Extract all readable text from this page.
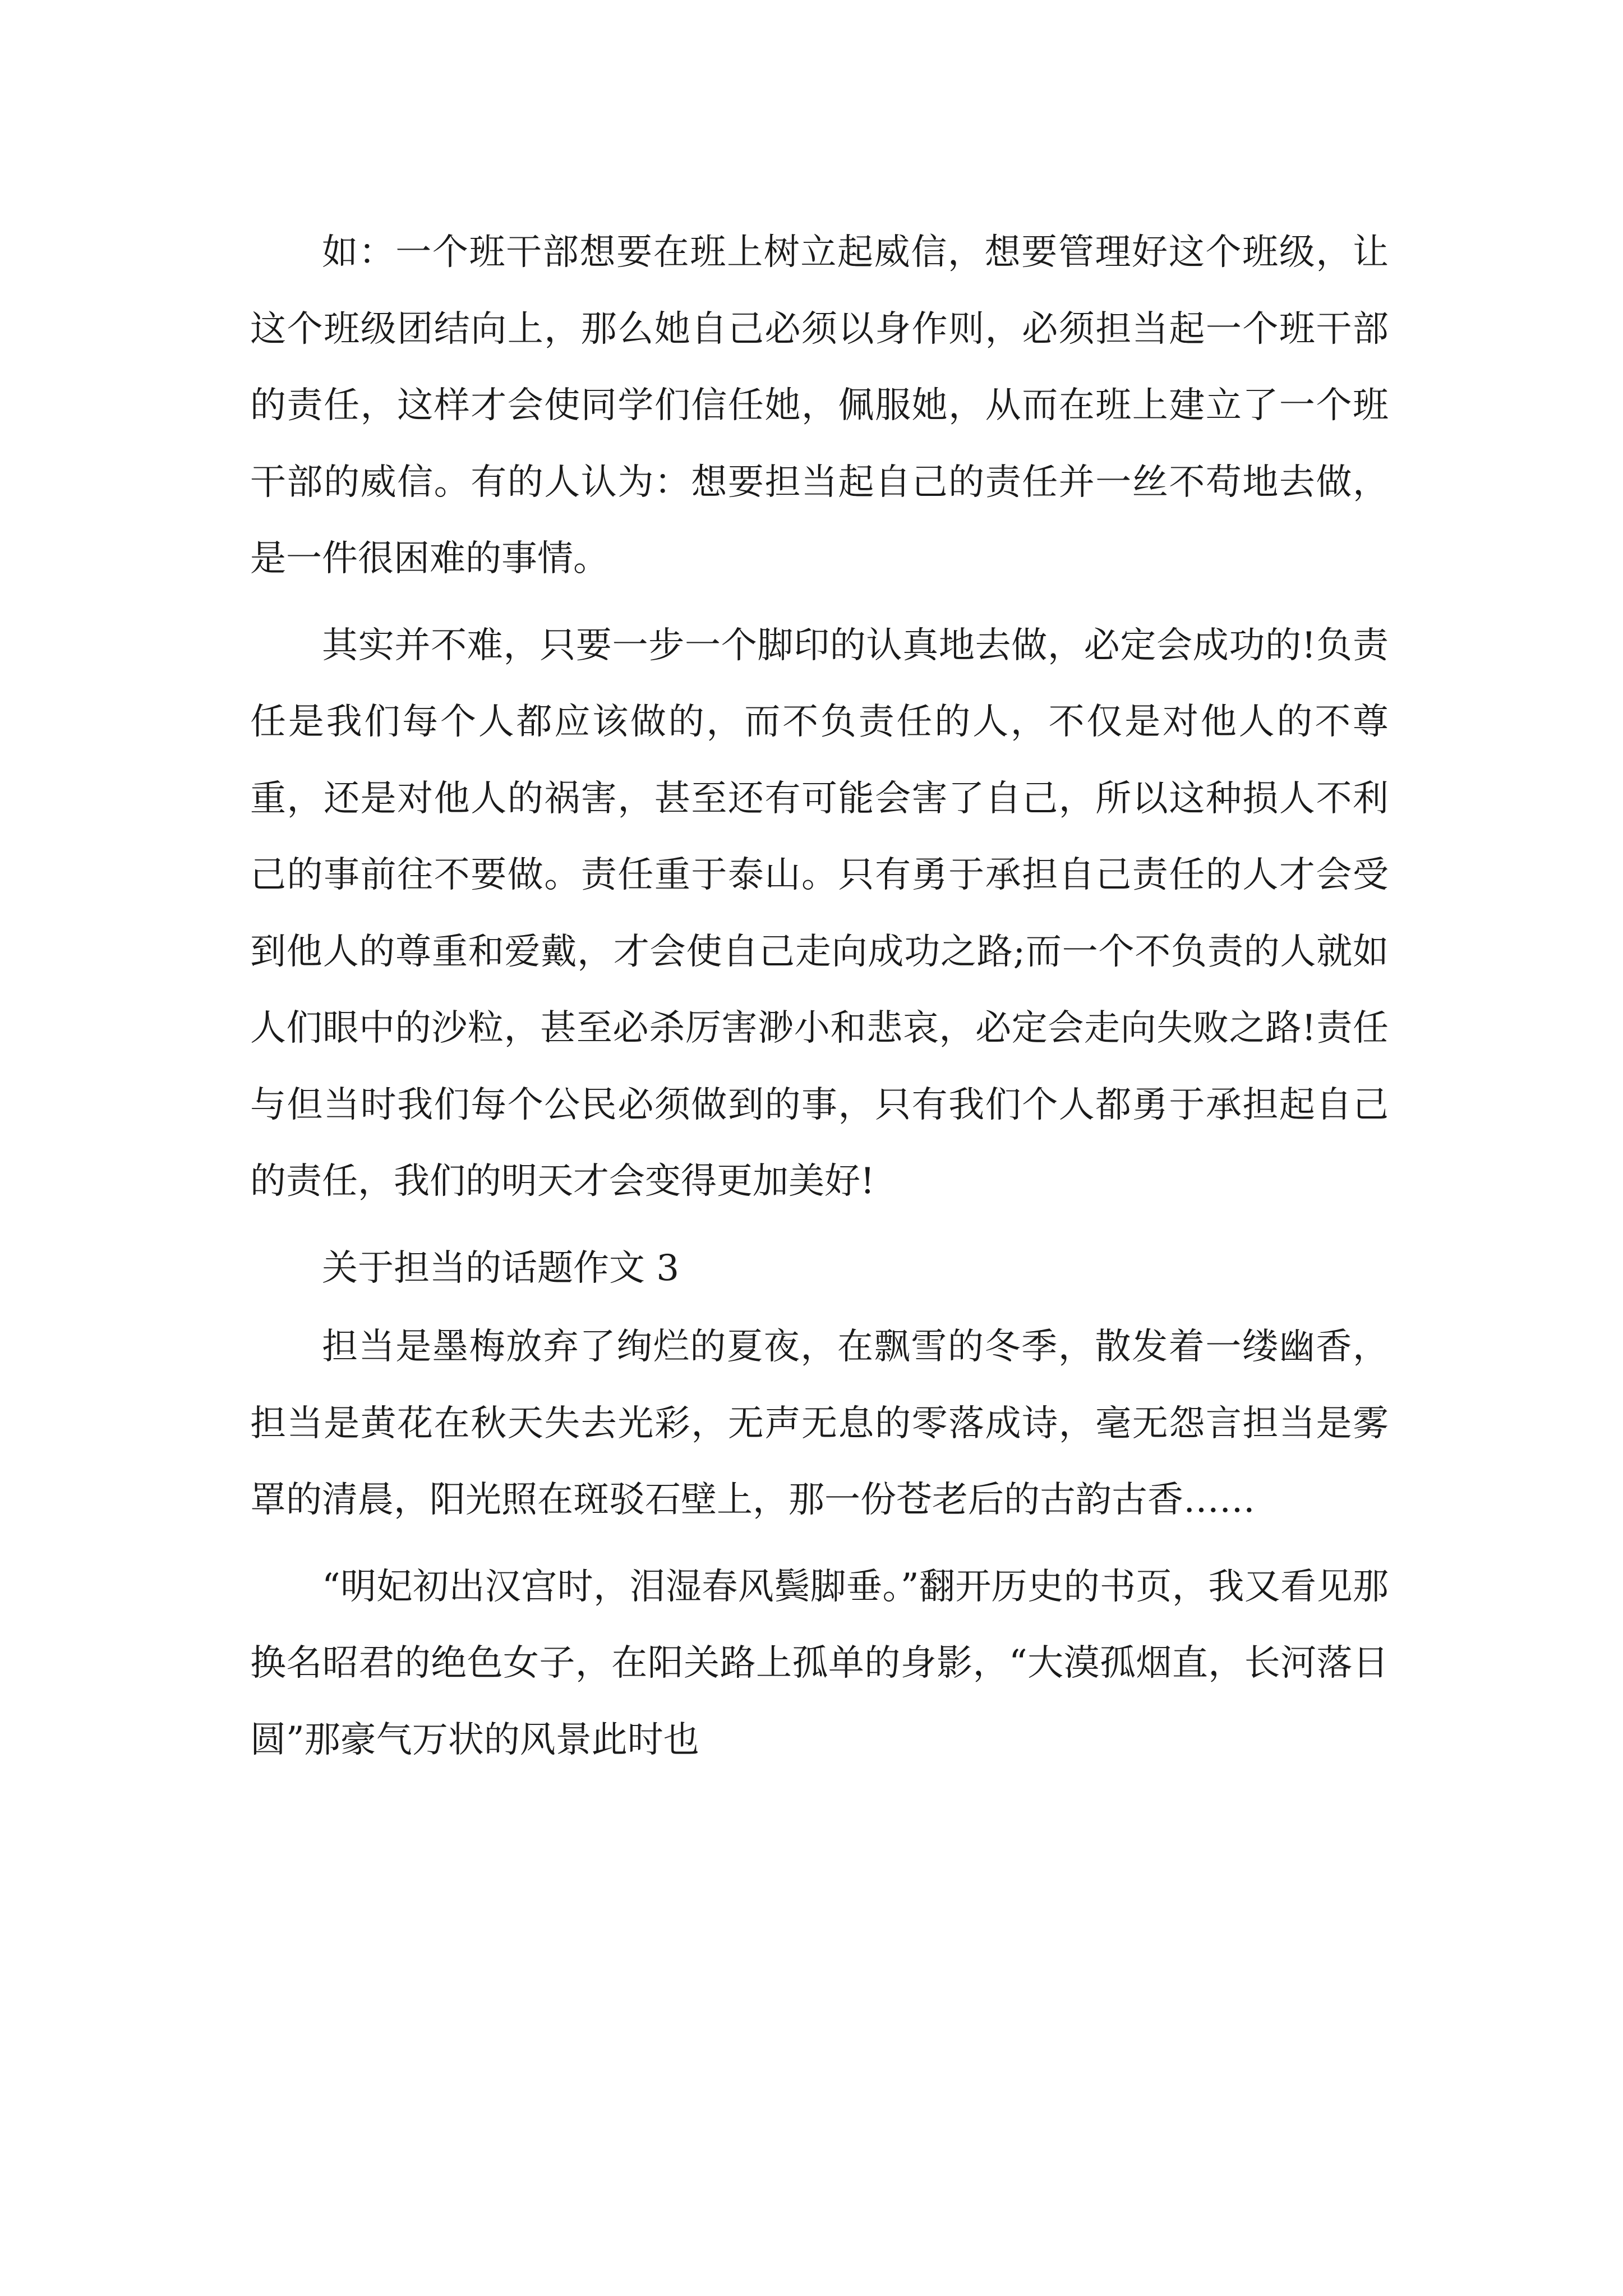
如：一个班干部想要在班上树立起威信，想要管理好这个班级，让这个班级团结向上，那么她自己必须以身作则，必须担当起一个班干部的责任，这样才会使同学们信任她，佩服她，从而在班上建立了一个班干部的威信。有的人认为：想要担当起自己的责任并一丝不苟地去做，是一件很困难的事情。

其实并不难，只要一步一个脚印的认真地去做，必定会成功的!负责任是我们每个人都应该做的，而不负责任的人，不仅是对他人的不尊重，还是对他人的祸害，甚至还有可能会害了自己，所以这种损人不利己的事前往不要做。责任重于泰山。只有勇于承担自己责任的人才会受到他人的尊重和爱戴，才会使自己走向成功之路;而一个不负责的人就如人们眼中的沙粒，甚至必杀厉害渺小和悲哀，必定会走向失败之路!责任与但当时我们每个公民必须做到的事，只有我们个人都勇于承担起自己的责任，我们的明天才会变得更加美好!

关于担当的话题作文 3

担当是墨梅放弃了绚烂的夏夜，在飘雪的冬季，散发着一缕幽香，担当是黄花在秋天失去光彩，无声无息的零落成诗，毫无怨言担当是雾罩的清晨，阳光照在斑驳石壁上，那一份苍老后的古韵古香……

“明妃初出汉宫时，泪湿春风鬓脚垂。”翻开历史的书页，我又看见那换名昭君的绝色女子，在阳关路上孤单的身影，“大漠孤烟直，长河落日圆”那豪气万状的风景此时也
